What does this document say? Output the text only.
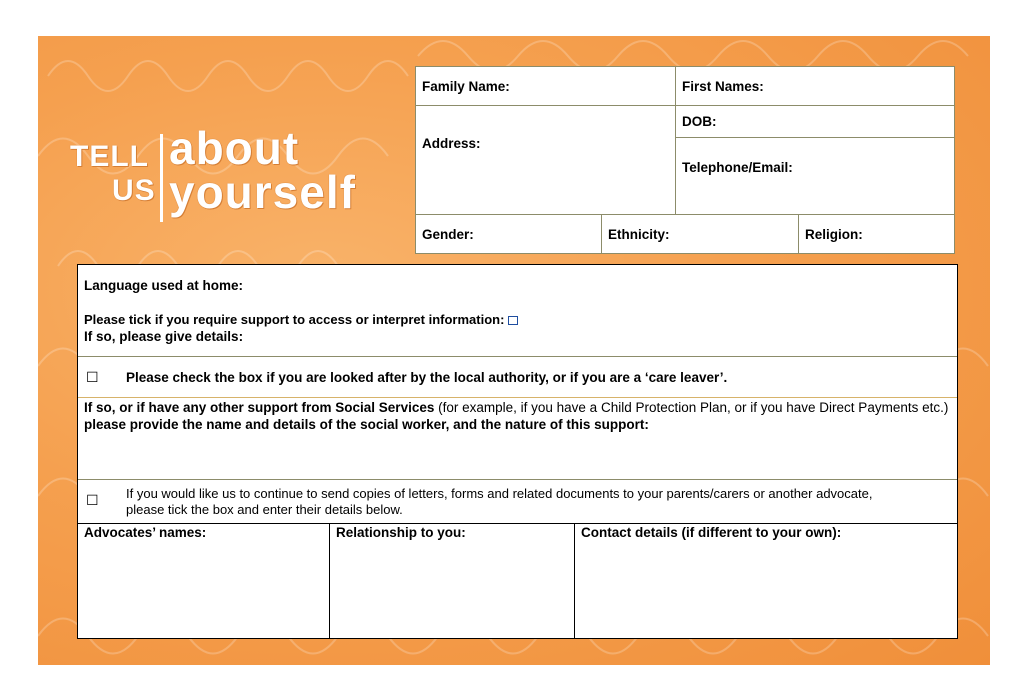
TELL
US
about
yourself
Family Name:	First Names:
Address:
DOB:
Telephone/Email:
Gender:	Ethnicity:	Religion:
Language used at home:
Please tick if you require support to access or interpret information:
If so, please give details:
☐ Please check the box if you are looked after by the local authority, or if you are a ‘care leaver’.
If so, or if have any other support from Social Services (for example, if you have a Child Protection Plan, or if you have Direct Payments etc.) please provide the name and details of the social worker, and the nature of this support:
☐ If you would like us to continue to send copies of letters, forms and related documents to your parents/carers or another advocate,
please tick the box and enter their details below.
Advocates’ names:	Relationship to you:	Contact details (if different to your own):
